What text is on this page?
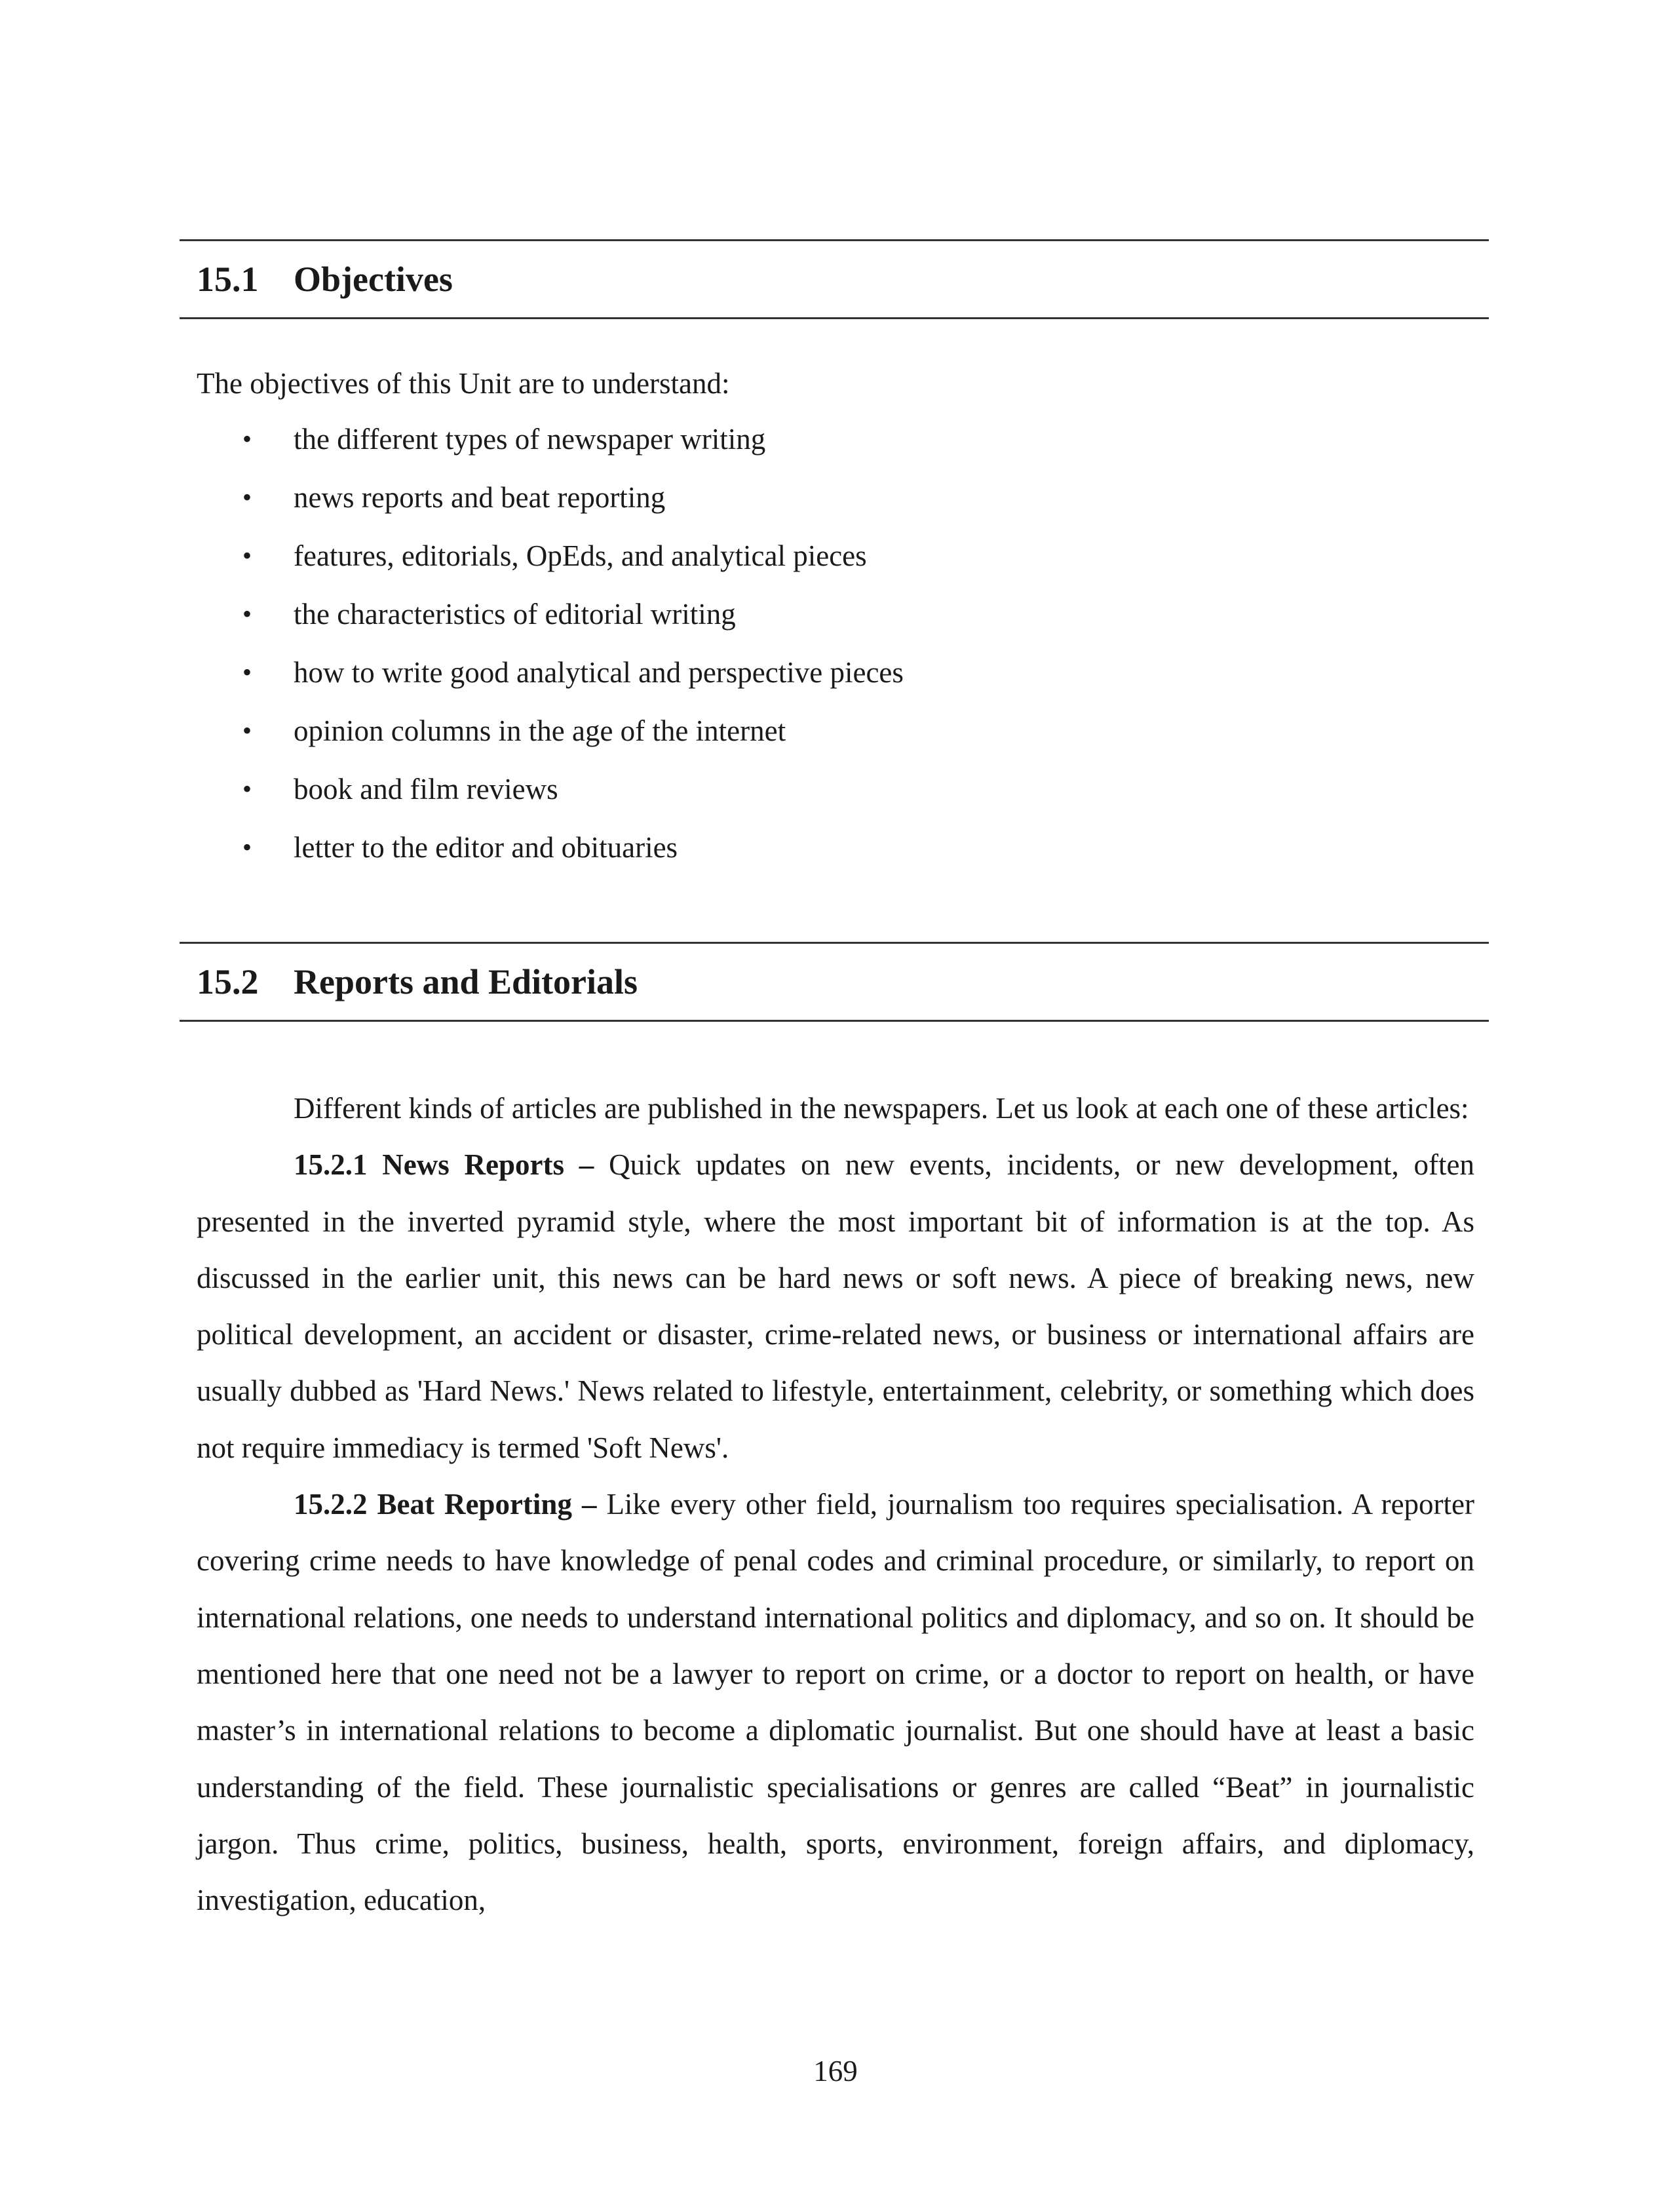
15.1 Objectives
The objectives of this Unit are to understand:
• the different types of newspaper writing
• news reports and beat reporting
• features, editorials, OpEds, and analytical pieces
• the characteristics of editorial writing
• how to write good analytical and perspective pieces
• opinion columns in the age of the internet
• book and film reviews
• letter to the editor and obituaries
15.2 Reports and Editorials

Different kinds of articles are published in the newspapers. Let us look at each one of these articles:

15.2.1 News Reports – Quick updates on new events, incidents, or new development, often presented in the inverted pyramid style, where the most important bit of information is at the top. As discussed in the earlier unit, this news can be hard news or soft news. A piece of breaking news, new political development, an accident or disaster, crime-related news, or business or international affairs are usually dubbed as 'Hard News.' News related to lifestyle, entertainment, celebrity, or something which does not require immediacy is termed 'Soft News'.

15.2.2 Beat Reporting – Like every other field, journalism too requires specialisation. A reporter covering crime needs to have knowledge of penal codes and criminal procedure, or similarly, to report on international relations, one needs to understand international politics and diplomacy, and so on. It should be mentioned here that one need not be a lawyer to report on crime, or a doctor to report on health, or have master’s in international relations to become a diplomatic journalist. But one should have at least a basic understanding of the field. These journalistic specialisations or genres are called “Beat” in journalistic jargon. Thus crime, politics, business, health, sports, environment, foreign affairs, and diplomacy, investigation, education,

169
